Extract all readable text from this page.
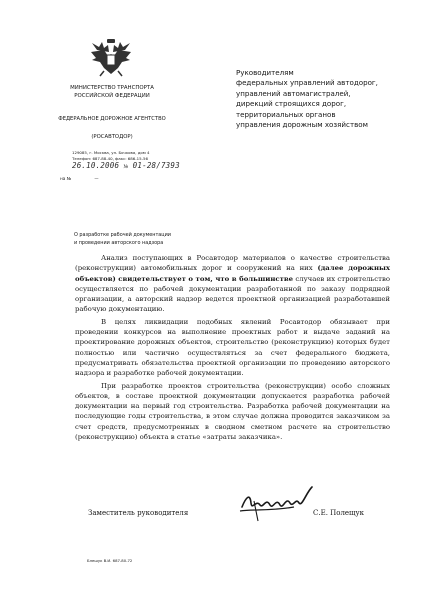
МИНИСТЕРСТВО ТРАНСПОРТА
РОССИЙСКОЙ ФЕДЕРАЦИИ
ФЕДЕРАЛЬНОЕ ДОРОЖНОЕ АГЕНТСТВО
(РОСАВТОДОР)
129085, г. Москва, ул. Бочкова, дом 4
Телефон: 687-88-40, факс: 686-15-56
26.10.2006 № 01-28/7393
на №	—
Руководителям
федеральных управлений автодорог,
управлений автомагистралей,
дирекций строящихся дорог,
территориальных органов
управления дорожным хозяйством
О разработке рабочей документации
и проведении авторского надзора

Анализ поступающих в Росавтодор материалов о качестве строительства (реконструкции) автомобильных дорог и сооружений на них (далее дорожных объектов) свидетельствует о том, что в большинстве случаев их строительство осуществляется по рабочей документации разработанной по заказу подрядной организации, а авторский надзор ведется проектной организацией разработавшей рабочую документацию.

В целях ликвидации подобных явлений Росавтодор обязывает при проведении конкурсов на выполнение проектных работ и выдаче заданий на проектирование дорожных объектов, строительство (реконструкцию) которых будет полностью или частично осуществляться за счет федерального бюджета, предусматривать обязательства проектной организации по проведению авторского надзора и разработке рабочей документации.

При разработке проектов строительства (реконструкции) особо сложных объектов, в составе проектной документации допускается разработка рабочей документации на первый год строительства. Разработка рабочей документации на последующие годы строительства, в этом случае должна проводится заказчиком за счет средств, предусмотренных в сводном сметном расчете на строительство (реконструкцию) объекта в статье «затраты заказчика».

Заместитель руководителя	С.Е. Полещук
Блешук В.И. 687-80-72
